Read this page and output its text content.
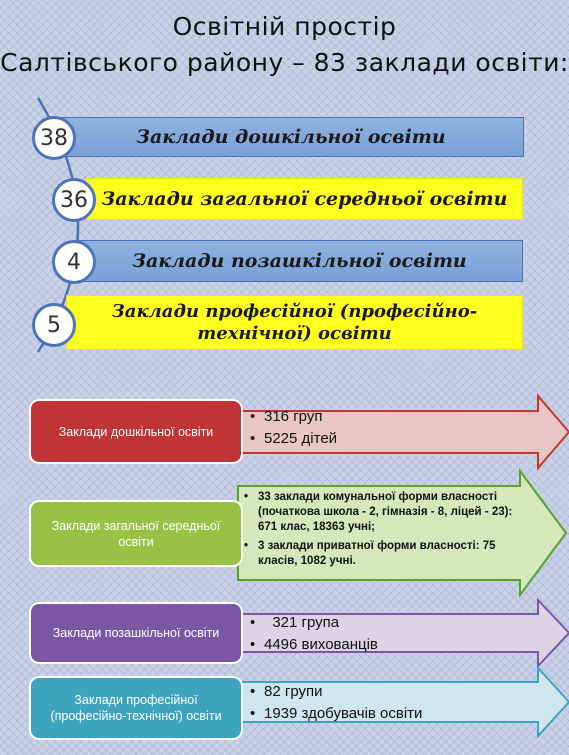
Освітній простір
Салтівського району – 83 заклади освіти:
Заклади дошкільної освіти
Заклади загальної середньої освіти
Заклади позашкільної освіти
Заклади професійної (професійно-технічної) освіти
38
36
4
5
Заклади дошкільної освіти
Заклади загальної середньої освіти
Заклади позашкільної освіти
Заклади професійної (професійно-технічної) освіти
• 316 груп
• 5225 дітей
• 33 заклади комунальної форми власності (початкова школа - 2, гімназія - 8, ліцей - 23): 671 клас, 18363 учні;
• 3 заклади приватної форми власності: 75 класів, 1082 учні.
•   321 група
• 4496 вихованців
• 82 групи
• 1939 здобувачів освіти
